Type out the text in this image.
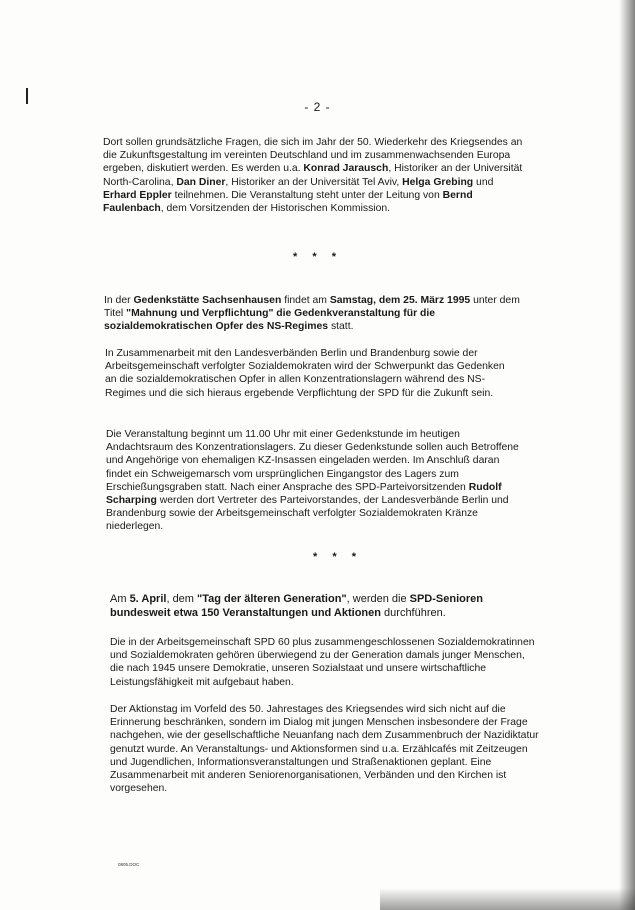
- 2 -

Dort sollen grundsätzliche Fragen, die sich im Jahr der 50. Wiederkehr des Kriegsendes an die Zukunftsgestaltung im vereinten Deutschland und im zusammenwachsenden Europa ergeben, diskutiert werden. Es werden u.a. Konrad Jarausch, Historiker an der Universität North-Carolina, Dan Diner, Historiker an der Universität Tel Aviv, Helga Grebing und Erhard Eppler teilnehmen. Die Veranstaltung steht unter der Leitung von Bernd Faulenbach, dem Vorsitzenden der Historischen Kommission.

* * *

In der Gedenkstätte Sachsenhausen findet am Samstag, dem 25. März 1995 unter dem Titel "Mahnung und Verpflichtung" die Gedenkveranstaltung für die sozialdemokratischen Opfer des NS-Regimes statt.

In Zusammenarbeit mit den Landesverbänden Berlin und Brandenburg sowie der Arbeitsgemeinschaft verfolgter Sozialdemokraten wird der Schwerpunkt das Gedenken an die sozialdemokratischen Opfer in allen Konzentrationslagern während des NS-Regimes und die sich hieraus ergebende Verpflichtung der SPD für die Zukunft sein.

Die Veranstaltung beginnt um 11.00 Uhr mit einer Gedenkstunde im heutigen Andachtsraum des Konzentrationslagers. Zu dieser Gedenkstunde sollen auch Betroffene und Angehörige von ehemaligen KZ-Insassen eingeladen werden. Im Anschluß daran findet ein Schweigemarsch vom ursprünglichen Eingangstor des Lagers zum Erschießungsgraben statt. Nach einer Ansprache des SPD-Parteivorsitzenden Rudolf Scharping werden dort Vertreter des Parteivorstandes, der Landesverbände Berlin und Brandenburg sowie der Arbeitsgemeinschaft verfolgter Sozialdemokraten Kränze niederlegen.

* * *

Am 5. April, dem "Tag der älteren Generation", werden die SPD-Senioren bundesweit etwa 150 Veranstaltungen und Aktionen durchführen.

Die in der Arbeitsgemeinschaft SPD 60 plus zusammengeschlossenen Sozialdemokratinnen und Sozialdemokraten gehören überwiegend zu der Generation damals junger Menschen, die nach 1945 unsere Demokratie, unseren Sozialstaat und unsere wirtschaftliche Leistungsfähigkeit mit aufgebaut haben.

Der Aktionstag im Vorfeld des 50. Jahrestages des Kriegsendes wird sich nicht auf die Erinnerung beschränken, sondern im Dialog mit jungen Menschen insbesondere der Frage nachgehen, wie der gesellschaftliche Neuanfang nach dem Zusammenbruch der Nazidiktatur genutzt wurde. An Veranstaltungs- und Aktionsformen sind u.a. Erzählcafés mit Zeitzeugen und Jugendlichen, Informationsveranstaltungen und Straßenaktionen geplant. Eine Zusammenarbeit mit anderen Seniorenorganisationen, Verbänden und den Kirchen ist vorgesehen.

0805.DOC
